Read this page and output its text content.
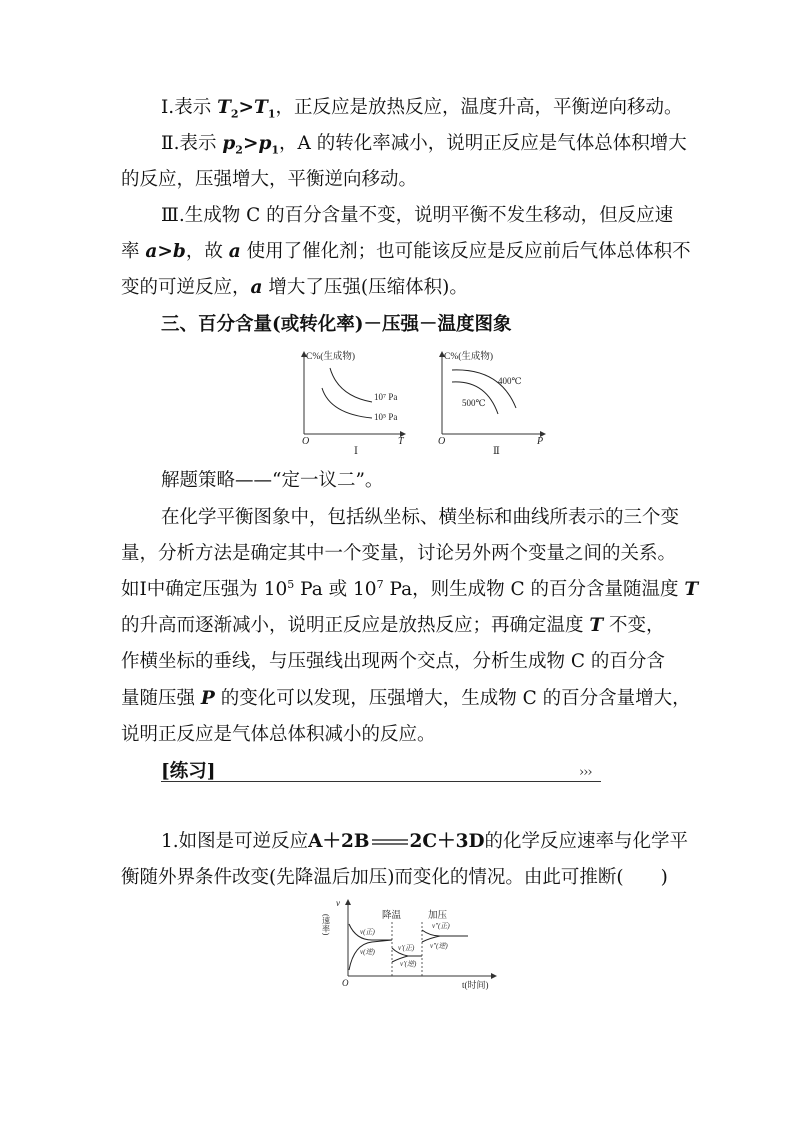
Ⅰ.表示 $T_2>T_1$，正反应是放热反应，温度升高，平衡逆向移动。
Ⅱ.表示 $p_2>p_1$，A 的转化率减小，说明正反应是气体总体积增大
的反应，压强增大，平衡逆向移动。
Ⅲ.生成物 C 的百分含量不变，说明平衡不发生移动，但反应速
率 a>b，故 a 使用了催化剂；也可能该反应是反应前后气体总体积不
变的可逆反应，a 增大了压强(压缩体积)。
三、百分含量(或转化率)－压强－温度图象
C%(生成物)
10⁷ Pa
10⁵ Pa
O	T
Ⅰ
C%(生成物)
400℃
500℃
O	P
Ⅱ
解题策略——“定一议二”。
在化学平衡图象中，包括纵坐标、横坐标和曲线所表示的三个变
量，分析方法是确定其中一个变量，讨论另外两个变量之间的关系。
如Ⅰ中确定压强为 $10^5$ Pa 或 $10^7$ Pa，则生成物 C 的百分含量随温度 T
的升高而逐渐减小，说明正反应是放热反应；再确定温度 T 不变，
作横坐标的垂线，与压强线出现两个交点，分析生成物 C 的百分含
量随压强 P 的变化可以发现，压强增大，生成物 C 的百分含量增大，
说明正反应是气体总体积减小的反应。
[练习]	›››
1.如图是可逆反应A＋2B 2C＋3D的化学反应速率与化学平
衡随外界条件改变(先降温后加压)而变化的情况。由此可推断(　　)
v
(速率)	降温	加压
v(正)
v(逆)	v′(正)
v′(逆)
v″(正)
v″(逆)
O	t(时间)
